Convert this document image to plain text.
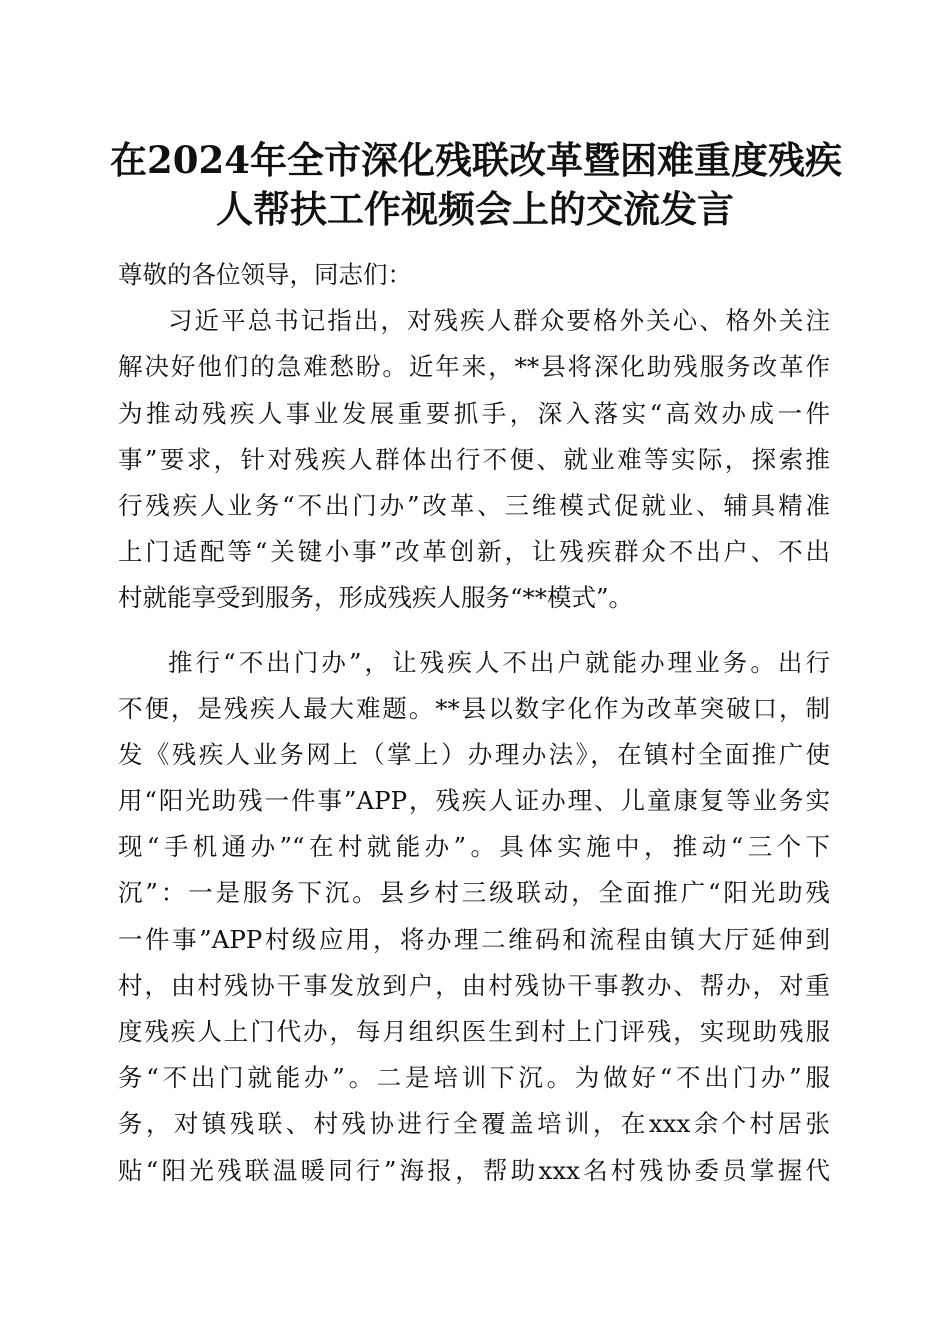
在2024年全市深化残联改革暨困难重度残疾
人帮扶工作视频会上的交流发言
尊敬的各位领导，同志们：
习近平总书记指出，对残疾人群众要格外关心、格外关注
解决好他们的急难愁盼。近年来，**县将深化助残服务改革作
为推动残疾人事业发展重要抓手，深入落实“高效办成一件
事”要求，针对残疾人群体出行不便、就业难等实际，探索推
行残疾人业务“不出门办”改革、三维模式促就业、辅具精准
上门适配等“关键小事”改革创新，让残疾群众不出户、不出
村就能享受到服务，形成残疾人服务“**模式”。
推行“不出门办”，让残疾人不出户就能办理业务。出行
不便，是残疾人最大难题。**县以数字化作为改革突破口，制
发《残疾人业务网上（掌上）办理办法》，在镇村全面推广使
用“阳光助残一件事”APP，残疾人证办理、儿童康复等业务实
现“手机通办”“在村就能办”。具体实施中，推动“三个下
沉”：一是服务下沉。县乡村三级联动，全面推广“阳光助残
一件事”APP村级应用，将办理二维码和流程由镇大厅延伸到
村，由村残协干事发放到户，由村残协干事教办、帮办，对重
度残疾人上门代办，每月组织医生到村上门评残，实现助残服
务“不出门就能办”。二是培训下沉。为做好“不出门办”服
务，对镇残联、村残协进行全覆盖培训，在xxx余个村居张
贴“阳光残联温暖同行”海报，帮助xxx名村残协委员掌握代
